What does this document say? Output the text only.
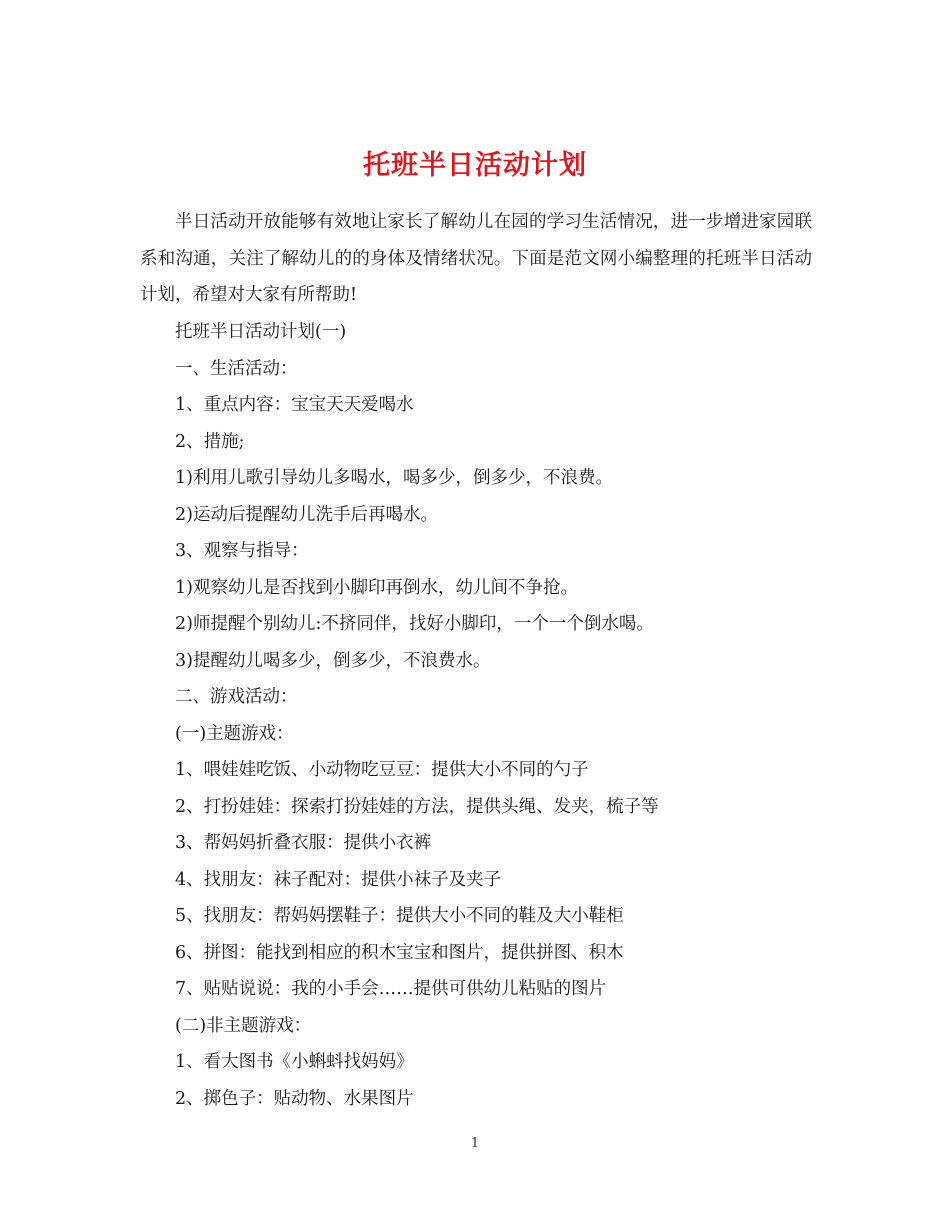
托班半日活动计划

半日活动开放能够有效地让家长了解幼儿在园的学习生活情况，进一步增进家园联系和沟通，关注了解幼儿的的身体及情绪状况。下面是范文网小编整理的托班半日活动计划，希望对大家有所帮助!

托班半日活动计划(一)
一、生活活动：
1、重点内容：宝宝天天爱喝水
2、措施;
1)利用儿歌引导幼儿多喝水，喝多少，倒多少，不浪费。
2)运动后提醒幼儿洗手后再喝水。
3、观察与指导：
1)观察幼儿是否找到小脚印再倒水，幼儿间不争抢。
2)师提醒个别幼儿:不挤同伴，找好小脚印，一个一个倒水喝。
3)提醒幼儿喝多少，倒多少，不浪费水。
二、游戏活动：
(一)主题游戏：
1、喂娃娃吃饭、小动物吃豆豆：提供大小不同的勺子
2、打扮娃娃：探索打扮娃娃的方法，提供头绳、发夹，梳子等
3、帮妈妈折叠衣服：提供小衣裤
4、找朋友：袜子配对：提供小袜子及夹子
5、找朋友：帮妈妈摆鞋子：提供大小不同的鞋及大小鞋柜
6、拼图：能找到相应的积木宝宝和图片，提供拼图、积木
7、贴贴说说：我的小手会……提供可供幼儿粘贴的图片
(二)非主题游戏：
1、看大图书《小蝌蚪找妈妈》
2、掷色子：贴动物、水果图片
1
